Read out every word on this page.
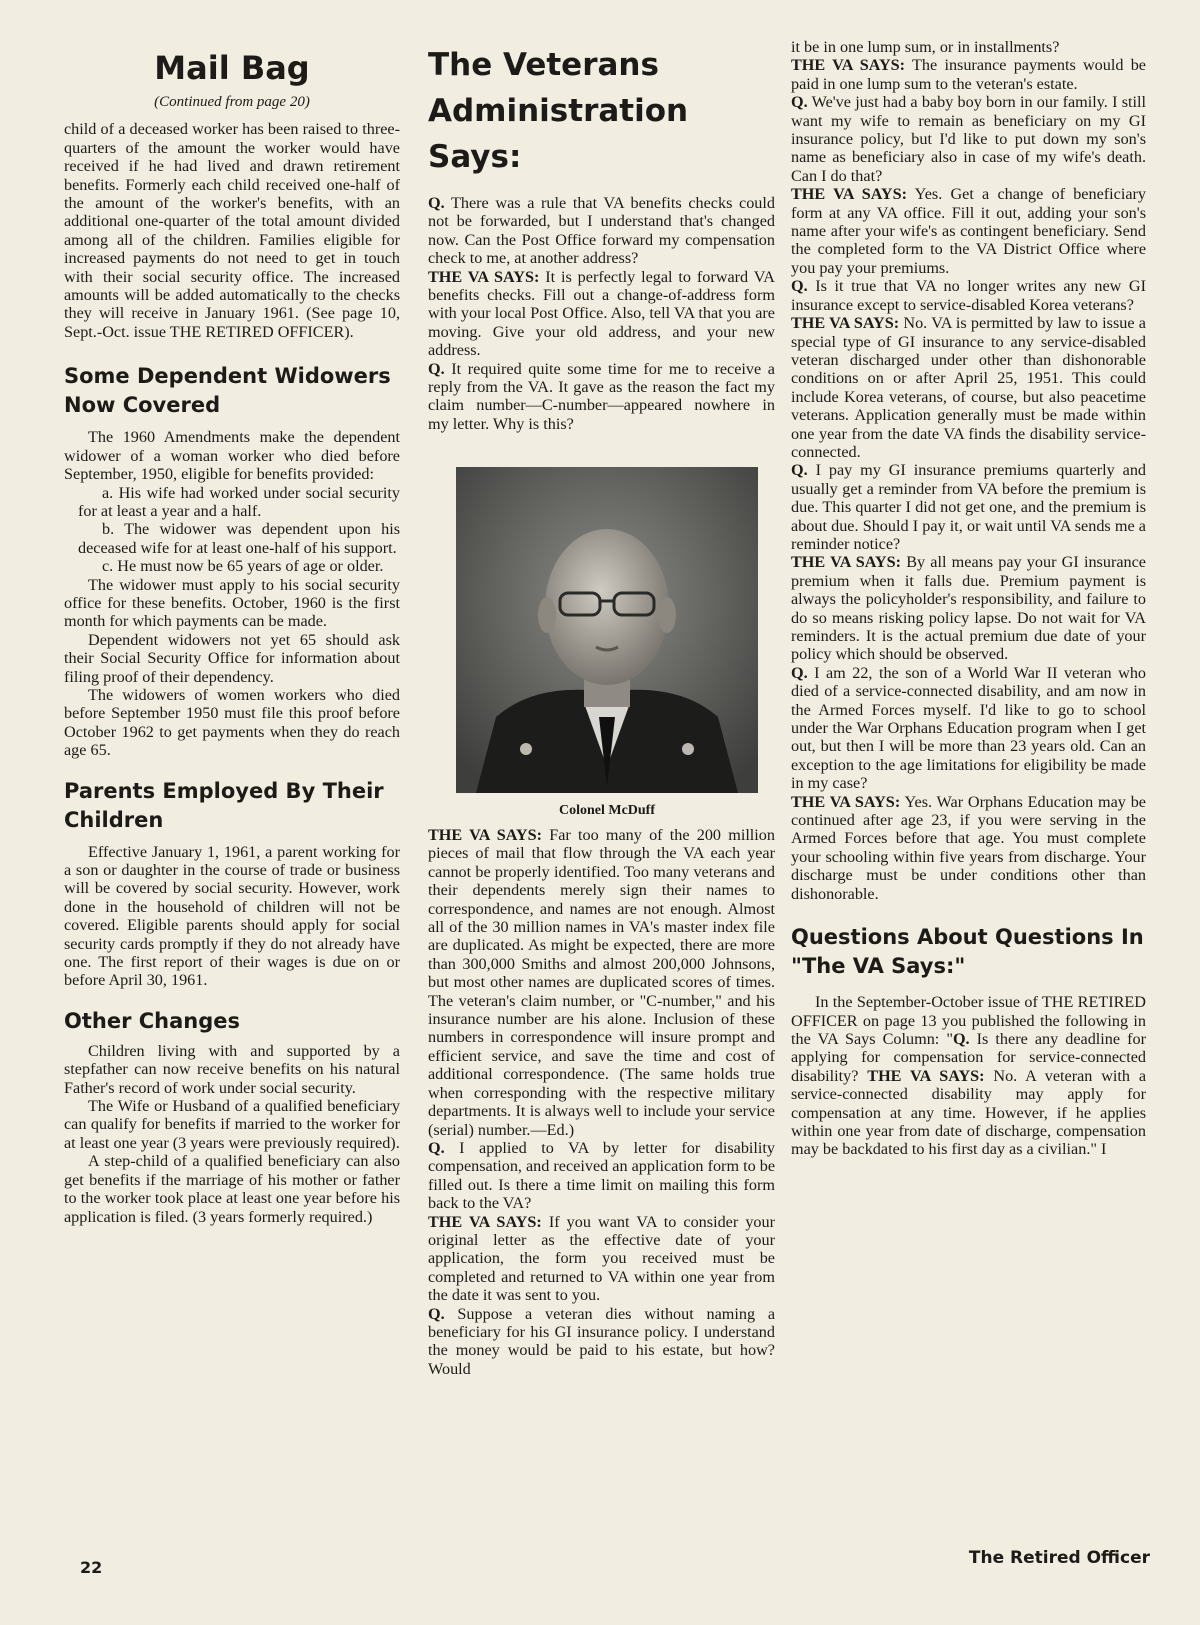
Mail Bag

(Continued from page 20)

child of a deceased worker has been raised to three-quarters of the amount the worker would have received if he had lived and drawn retirement benefits. Formerly each child received one-half of the amount of the worker's benefits, with an additional one-quarter of the total amount divided among all of the children. Families eligible for increased payments do not need to get in touch with their social security office. The increased amounts will be added automatically to the checks they will receive in January 1961. (See page 10, Sept.-Oct. issue THE RETIRED OFFICER).

Some Dependent Widowers Now Covered

The 1960 Amendments make the dependent widower of a woman worker who died before September, 1950, eligible for benefits provided:

a. His wife had worked under social security for at least a year and a half.

b. The widower was dependent upon his deceased wife for at least one-half of his support.

c. He must now be 65 years of age or older.

The widower must apply to his social security office for these benefits. October, 1960 is the first month for which payments can be made.

Dependent widowers not yet 65 should ask their Social Security Office for information about filing proof of their dependency.

The widowers of women workers who died before September 1950 must file this proof before October 1962 to get payments when they do reach age 65.

Parents Employed By Their Children

Effective January 1, 1961, a parent working for a son or daughter in the course of trade or business will be covered by social security. However, work done in the household of children will not be covered. Eligible parents should apply for social security cards promptly if they do not already have one. The first report of their wages is due on or before April 30, 1961.

Other Changes

Children living with and supported by a stepfather can now receive benefits on his natural Father's record of work under social security.

The Wife or Husband of a qualified beneficiary can qualify for benefits if married to the worker for at least one year (3 years were previously required).

A step-child of a qualified beneficiary can also get benefits if the marriage of his mother or father to the worker took place at least one year before his application is filed. (3 years formerly required.)

The Veterans Administration Says:

Q. There was a rule that VA benefits checks could not be forwarded, but I understand that's changed now. Can the Post Office forward my compensation check to me, at another address?

THE VA SAYS: It is perfectly legal to forward VA benefits checks. Fill out a change-of-address form with your local Post Office. Also, tell VA that you are moving. Give your old address, and your new address.

Q. It required quite some time for me to receive a reply from the VA. It gave as the reason the fact my claim number—C-number—appeared nowhere in my letter. Why is this?

Colonel McDuff

THE VA SAYS: Far too many of the 200 million pieces of mail that flow through the VA each year cannot be properly identified. Too many veterans and their dependents merely sign their names to correspondence, and names are not enough. Almost all of the 30 million names in VA's master index file are duplicated. As might be expected, there are more than 300,000 Smiths and almost 200,000 Johnsons, but most other names are duplicated scores of times. The veteran's claim number, or "C-number," and his insurance number are his alone. Inclusion of these numbers in correspondence will insure prompt and efficient service, and save the time and cost of additional correspondence. (The same holds true when corresponding with the respective military departments. It is always well to include your service (serial) number.—Ed.)

Q. I applied to VA by letter for disability compensation, and received an application form to be filled out. Is there a time limit on mailing this form back to the VA?

THE VA SAYS: If you want VA to consider your original letter as the effective date of your application, the form you received must be completed and returned to VA within one year from the date it was sent to you.

Q. Suppose a veteran dies without naming a beneficiary for his GI insurance policy. I understand the money would be paid to his estate, but how? Would

it be in one lump sum, or in installments?

THE VA SAYS: The insurance payments would be paid in one lump sum to the veteran's estate.

Q. We've just had a baby boy born in our family. I still want my wife to remain as beneficiary on my GI insurance policy, but I'd like to put down my son's name as beneficiary also in case of my wife's death. Can I do that?

THE VA SAYS: Yes. Get a change of beneficiary form at any VA office. Fill it out, adding your son's name after your wife's as contingent beneficiary. Send the completed form to the VA District Office where you pay your premiums.

Q. Is it true that VA no longer writes any new GI insurance except to service-disabled Korea veterans?

THE VA SAYS: No. VA is permitted by law to issue a special type of GI insurance to any service-disabled veteran discharged under other than dishonorable conditions on or after April 25, 1951. This could include Korea veterans, of course, but also peacetime veterans. Application generally must be made within one year from the date VA finds the disability service-connected.

Q. I pay my GI insurance premiums quarterly and usually get a reminder from VA before the premium is due. This quarter I did not get one, and the premium is about due. Should I pay it, or wait until VA sends me a reminder notice?

THE VA SAYS: By all means pay your GI insurance premium when it falls due. Premium payment is always the policyholder's responsibility, and failure to do so means risking policy lapse. Do not wait for VA reminders. It is the actual premium due date of your policy which should be observed.

Q. I am 22, the son of a World War II veteran who died of a service-connected disability, and am now in the Armed Forces myself. I'd like to go to school under the War Orphans Education program when I get out, but then I will be more than 23 years old. Can an exception to the age limitations for eligibility be made in my case?

THE VA SAYS: Yes. War Orphans Education may be continued after age 23, if you were serving in the Armed Forces before that age. You must complete your schooling within five years from discharge. Your discharge must be under conditions other than dishonorable.

Questions About Questions In "The VA Says:"

In the September-October issue of THE RETIRED OFFICER on page 13 you published the following in the VA Says Column: "Q. Is there any deadline for applying for compensation for service-connected disability? THE VA SAYS: No. A veteran with a service-connected disability may apply for compensation at any time. However, if he applies within one year from date of discharge, compensation may be backdated to his first day as a civilian." I

22	The Retired Officer
